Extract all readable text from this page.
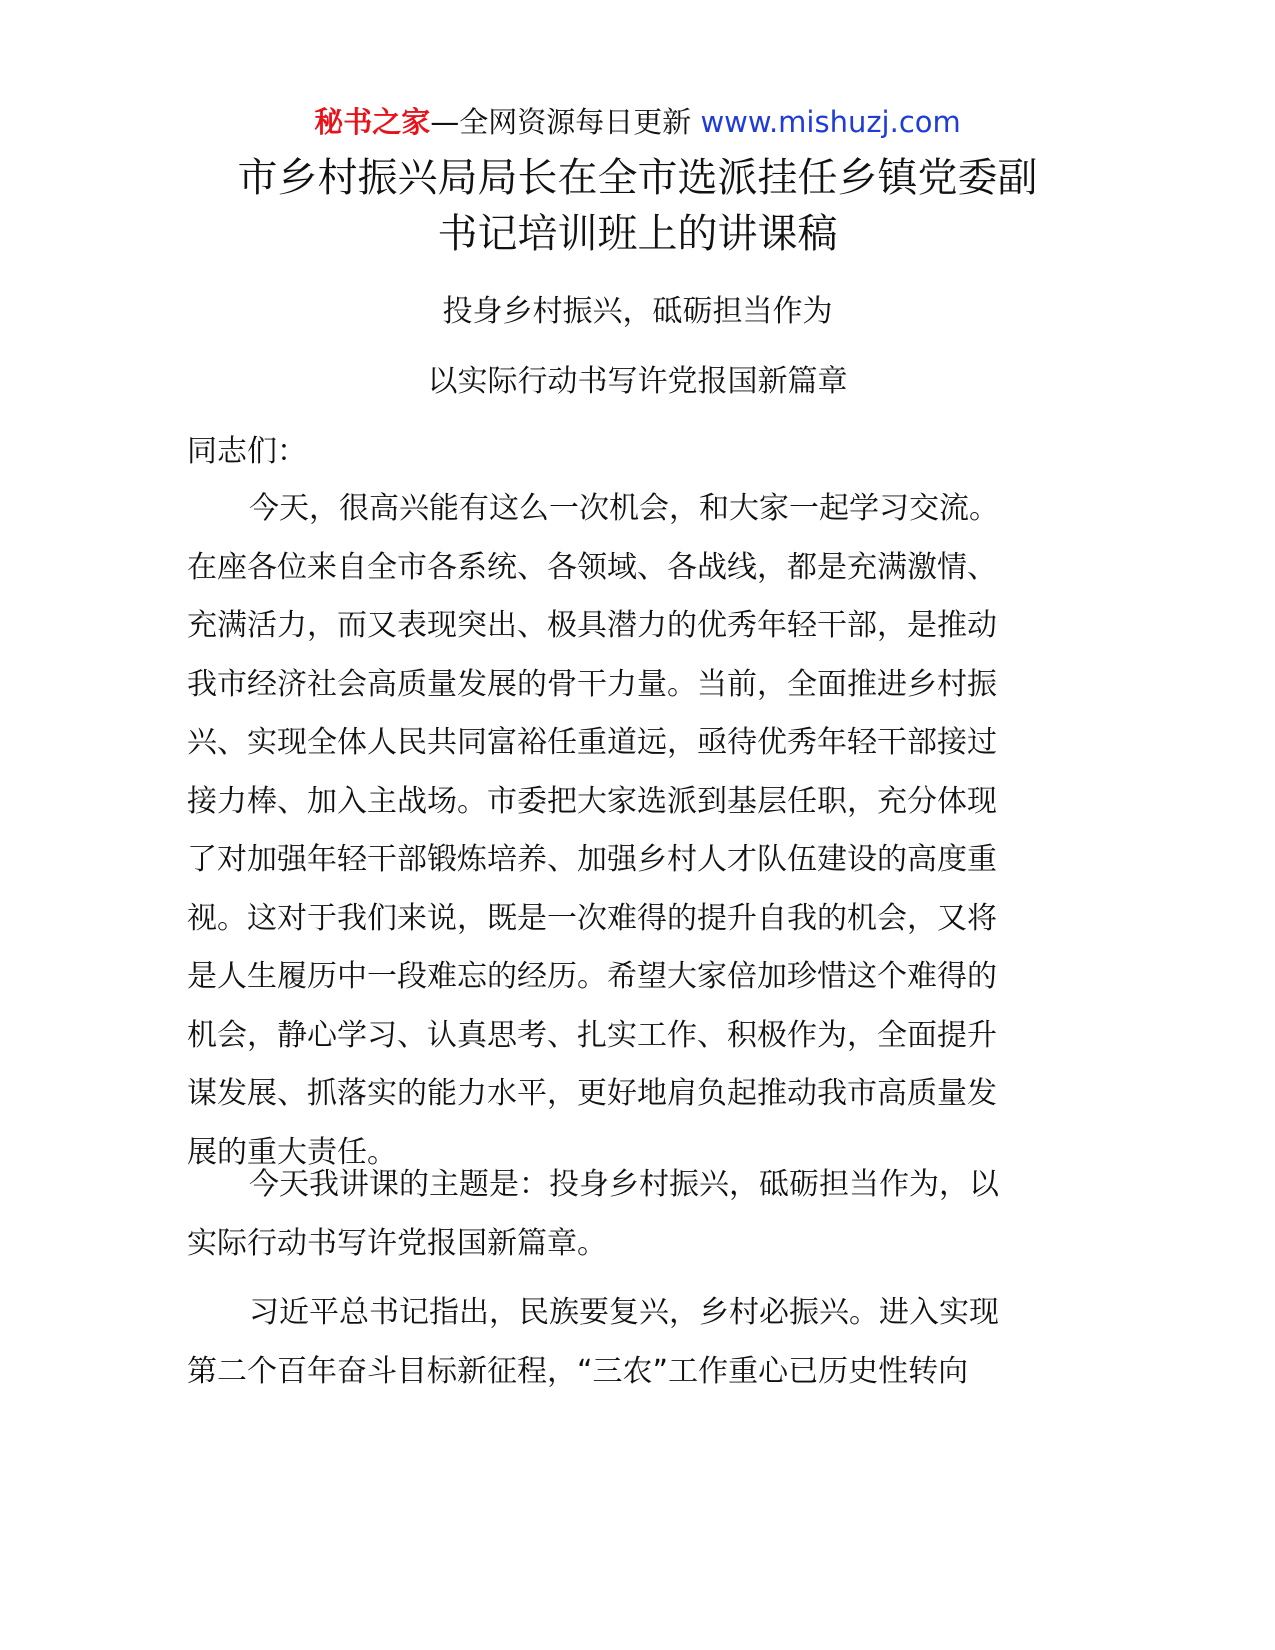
秘书之家—全网资源每日更新 www.mishuzj.com
市乡村振兴局局长在全市选派挂任乡镇党委副
书记培训班上的讲课稿

投身乡村振兴，砥砺担当作为

以实际行动书写许党报国新篇章

同志们：

今天，很高兴能有这么一次机会，和大家一起学习交流。
在座各位来自全市各系统、各领域、各战线，都是充满激情、
充满活力，而又表现突出、极具潜力的优秀年轻干部，是推动
我市经济社会高质量发展的骨干力量。当前，全面推进乡村振
兴、实现全体人民共同富裕任重道远，亟待优秀年轻干部接过
接力棒、加入主战场。市委把大家选派到基层任职，充分体现
了对加强年轻干部锻炼培养、加强乡村人才队伍建设的高度重
视。这对于我们来说，既是一次难得的提升自我的机会，又将
是人生履历中一段难忘的经历。希望大家倍加珍惜这个难得的
机会，静心学习、认真思考、扎实工作、积极作为，全面提升
谋发展、抓落实的能力水平，更好地肩负起推动我市高质量发
展的重大责任。

今天我讲课的主题是：投身乡村振兴，砥砺担当作为，以
实际行动书写许党报国新篇章。

习近平总书记指出，民族要复兴，乡村必振兴。进入实现
第二个百年奋斗目标新征程，“三农”工作重心已历史性转向
